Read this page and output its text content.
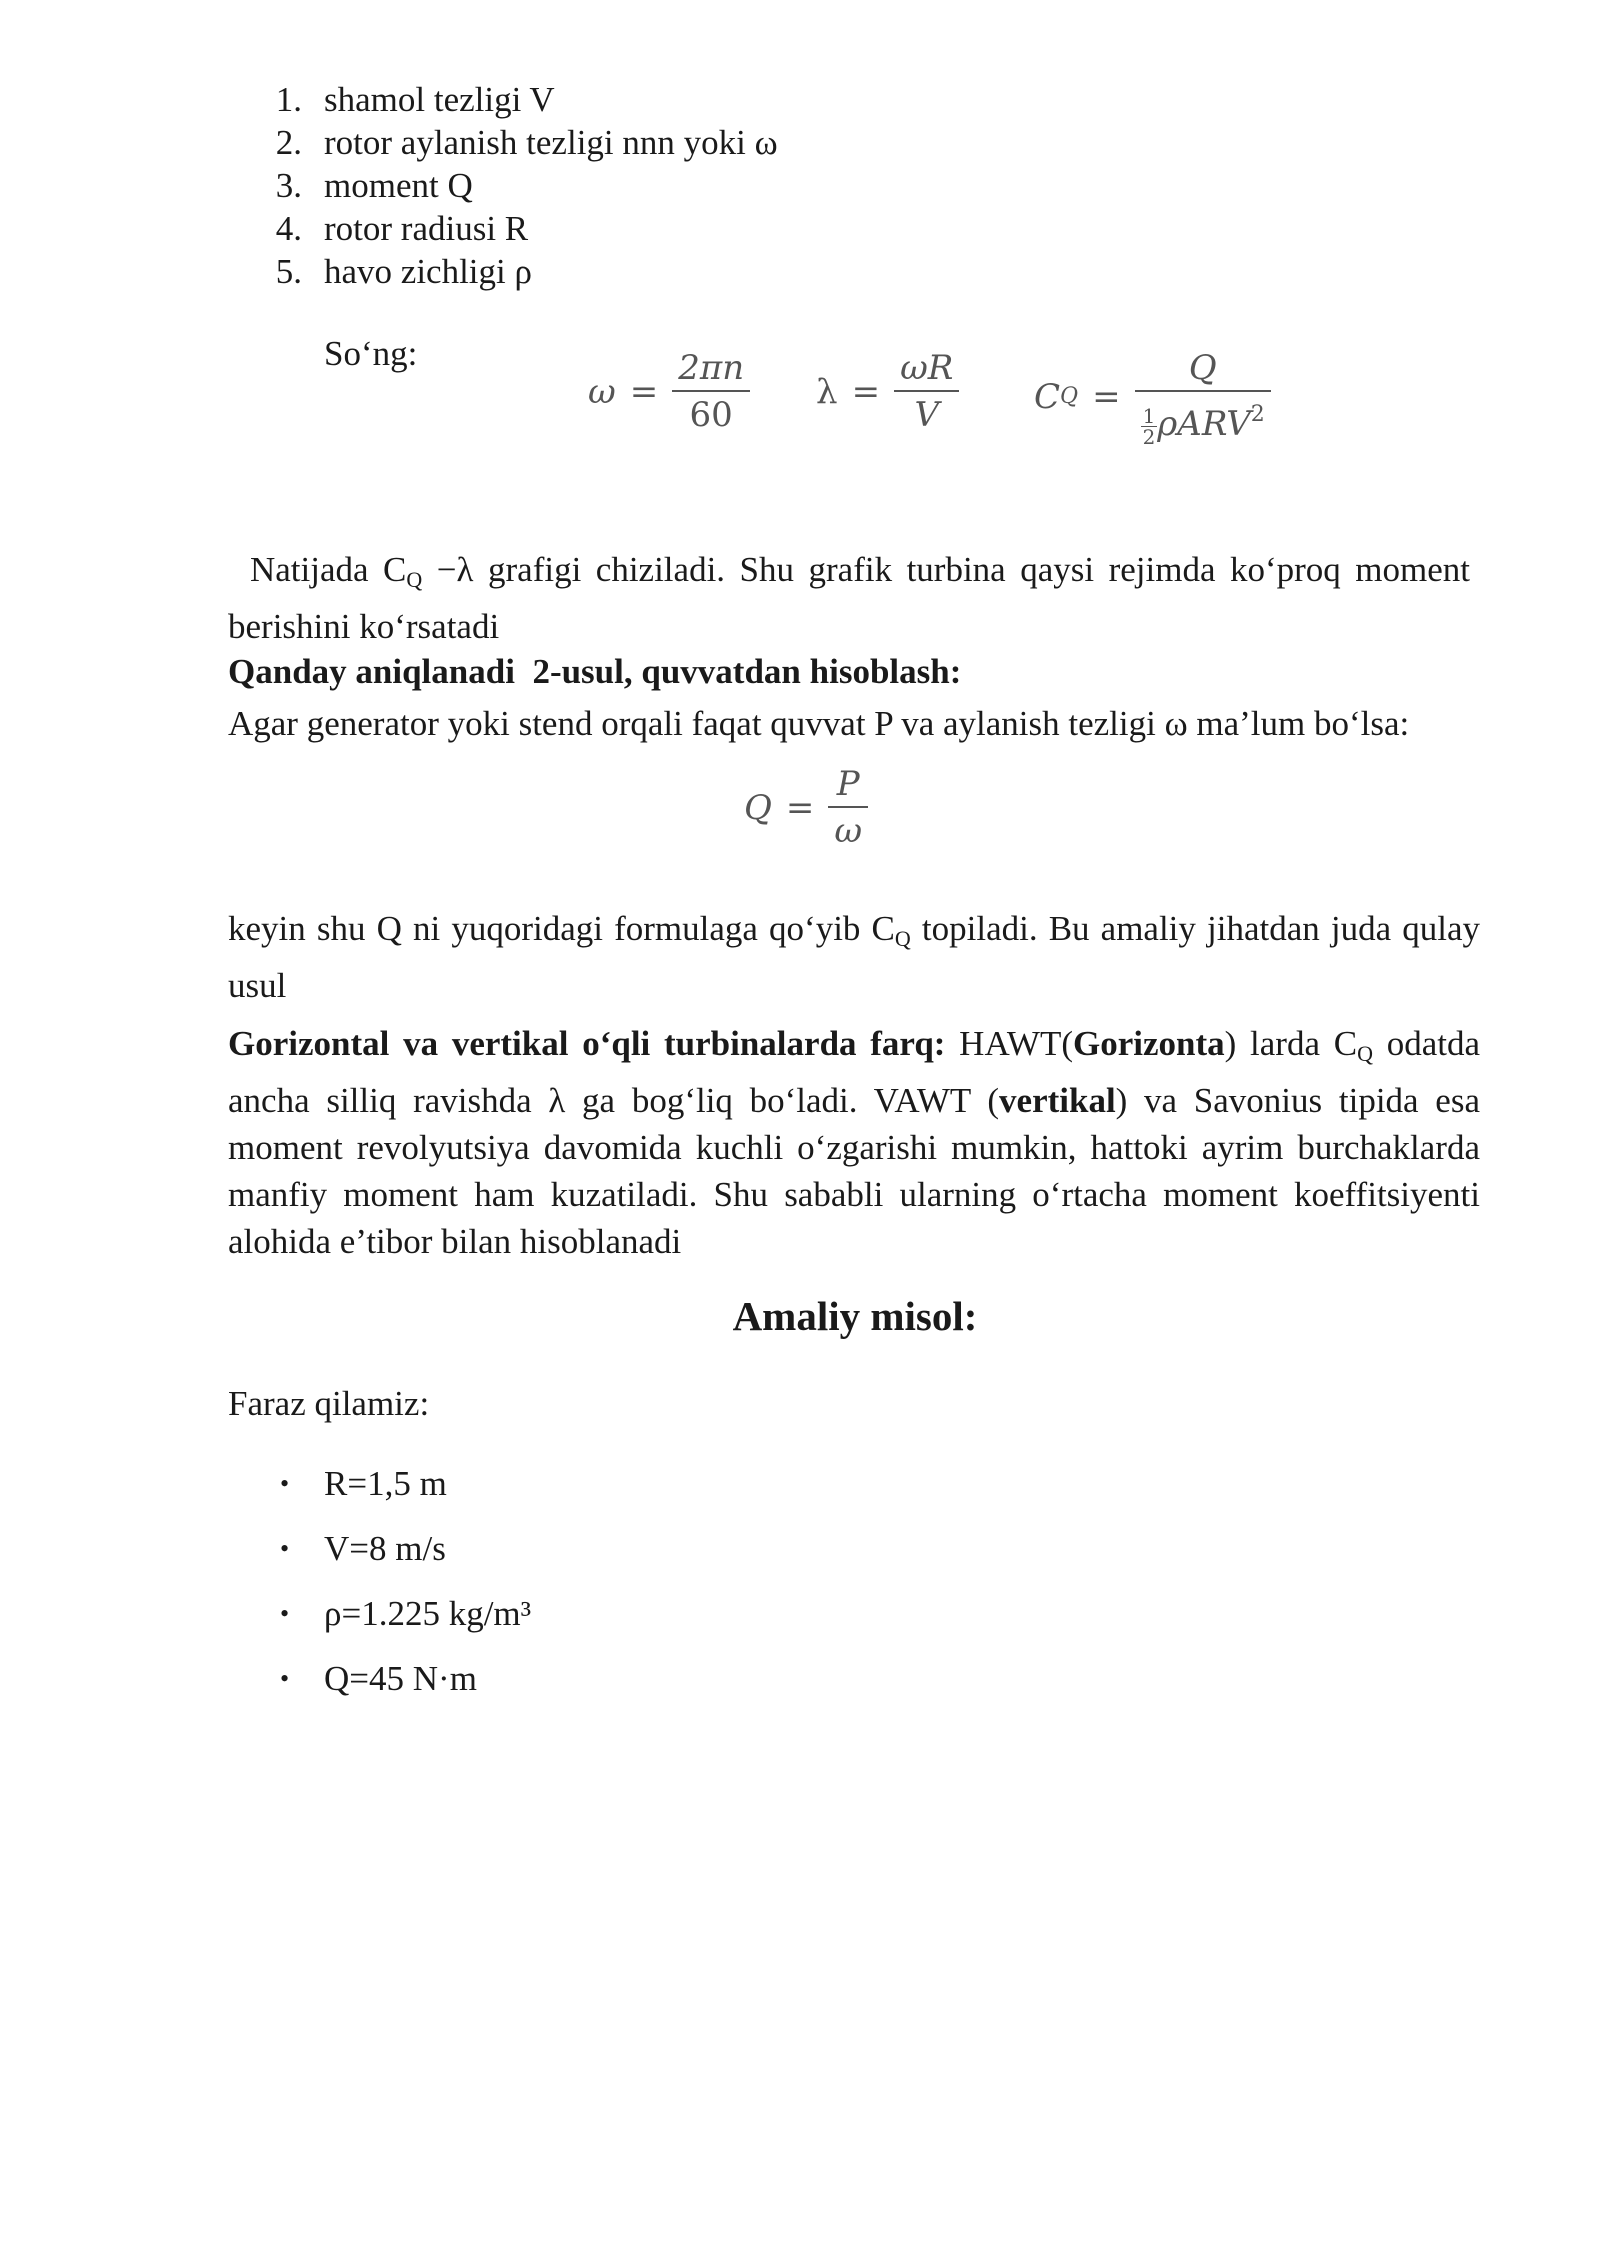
1. shamol tezligi V
2. rotor aylanish tezligi nnn yoki ω
3. moment Q
4. rotor radiusi R
5. havo zichligi ρ
So‘ng:
$\omega = \frac{2\pi n}{60}$ $\lambda = \frac{\omega R}{V}$ C $Q = \frac{Q}{\frac{1}{2} \rho ARV^2}$
Natijada CQ −λ grafigi chiziladi. Shu grafik turbina qaysi rejimda ko‘proq moment berishini ko‘rsatadi
Qanday aniqlanadi  2-usul, quvvatdan hisoblash:
Agar generator yoki stend orqali faqat quvvat P va aylanish tezligi ω ma’lum bo‘lsa:
$Q = \frac{P}{\omega}$
keyin shu Q ni yuqoridagi formulaga qo‘yib CQ topiladi. Bu amaliy jihatdan juda qulay usul
Gorizontal va vertikal o‘qli turbinalarda farq: HAWT(Gorizonta) larda CQ odatda ancha silliq ravishda λ ga bog‘liq bo‘ladi. VAWT (vertikal) va Savonius tipida esa moment revolyutsiya davomida kuchli o‘zgarishi mumkin, hattoki ayrim burchaklarda manfiy moment ham kuzatiladi. Shu sababli ularning o‘rtacha moment koeffitsiyenti alohida e’tibor bilan hisoblanadi
Amaliy misol:
Faraz qilamiz:
• R=1,5 m
• V=8 m/s
• ρ=1.225 kg/m³
• Q=45 N·m
